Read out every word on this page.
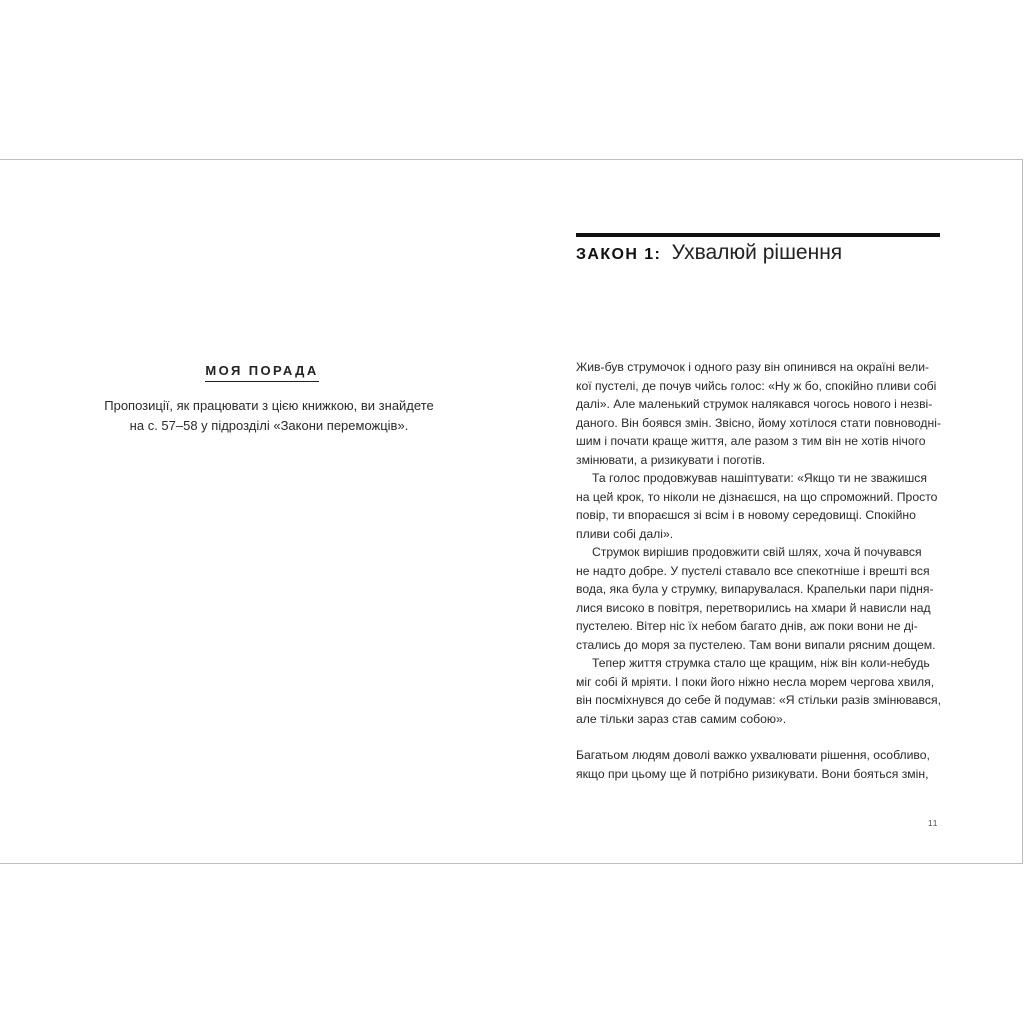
МОЯ ПОРАДА
Пропозиції, як працювати з цією книжкою, ви знайдете
на с. 57–58 у підрозділі «Закони переможців».
ЗАКОН 1: Ухвалюй рішення
Жив-був струмочок і одного разу він опинився на окраїні вели-
кої пустелі, де почув чийсь голос: «Ну ж бо, спокійно пливи собі
далі». Але маленький струмок налякався чогось нового і незві-
даного. Він боявся змін. Звісно, йому хотілося стати повноводні-
шим і почати краще життя, але разом з тим він не хотів нічого
змінювати, а ризикувати і поготів.
Та голос продовжував нашіптувати: «Якщо ти не зважишся
на цей крок, то ніколи не дізнаєшся, на що спроможний. Просто
повір, ти впораєшся зі всім і в новому середовищі. Спокійно
пливи собі далі».
Струмок вирішив продовжити свій шлях, хоча й почувався
не надто добре. У пустелі ставало все спекотніше і врешті вся
вода, яка була у струмку, випарувалася. Крапельки пари підня-
лися високо в повітря, перетворились на хмари й нависли над
пустелею. Вітер ніс їх небом багато днів, аж поки вони не ді-
стались до моря за пустелею. Там вони випали рясним дощем.
Тепер життя струмка стало ще кращим, ніж він коли-небудь
міг собі й мріяти. І поки його ніжно несла морем чергова хвиля,
він посміхнувся до себе й подумав: «Я стільки разів змінювався,
але тільки зараз став самим собою».
Багатьом людям доволі важко ухвалювати рішення, особливо,
якщо при цьому ще й потрібно ризикувати. Вони бояться змін,
11
